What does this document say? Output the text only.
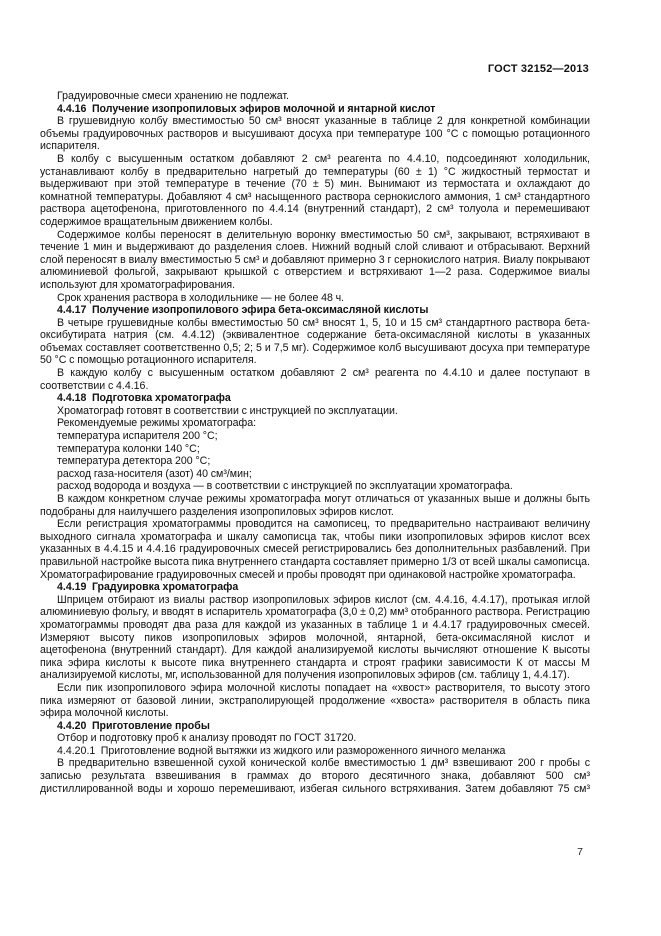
ГОСТ 32152—2013
Градуировочные смеси хранению не подлежат.
4.4.16  Получение изопропиловых эфиров молочной и янтарной кислот
В грушевидную колбу вместимостью 50 см³ вносят указанные в таблице 2 для конкретной комбинации объемы градуировочных растворов и высушивают досуха при температуре 100 °С с помощью ротационного испарителя.
В колбу с высушенным остатком добавляют 2 см³ реагента по 4.4.10, подсоединяют холодильник, устанавливают колбу в предварительно нагретый до температуры (60 ± 1) °С жидкостный термостат и выдерживают при этой температуре в течение (70 ± 5) мин. Вынимают из термостата и охлаждают до комнатной температуры. Добавляют 4 см³ насыщенного раствора сернокислого аммония, 1 см³ стандартного раствора ацетофенона, приготовленного по 4.4.14 (внутренний стандарт), 2 см³ толуола и перемешивают содержимое вращательным движением колбы.
Содержимое колбы переносят в делительную воронку вместимостью 50 см³, закрывают, встряхивают в течение 1 мин и выдерживают до разделения слоев. Нижний водный слой сливают и отбрасывают. Верхний слой переносят в виалу вместимостью 5 см³ и добавляют примерно 3 г сернокислого натрия. Виалу покрывают алюминиевой фольгой, закрывают крышкой с отверстием и встряхивают 1—2 раза. Содержимое виалы используют для хроматографирования.
Срок хранения раствора в холодильнике — не более 48 ч.
4.4.17  Получение изопропилового эфира бета-оксимасляной кислоты
В четыре грушевидные колбы вместимостью 50 см³ вносят 1, 5, 10 и 15 см³ стандартного раствора бета-оксибутирата натрия (см. 4.4.12) (эквивалентное содержание бета-оксимасляной кислоты в указанных объемах составляет соответственно 0,5; 2; 5 и 7,5 мг). Содержимое колб высушивают досуха при температуре 50 °С с помощью ротационного испарителя.
В каждую колбу с высушенным остатком добавляют 2 см³ реагента по 4.4.10 и далее поступают в соответствии с 4.4.16.
4.4.18  Подготовка хроматографа
Хроматограф готовят в соответствии с инструкцией по эксплуатации.
Рекомендуемые режимы хроматографа:
температура испарителя 200 °С;
температура колонки 140 °С;
температура детектора 200 °С;
расход газа-носителя (азот) 40 см³/мин;
расход водорода и воздуха — в соответствии с инструкцией по эксплуатации хроматографа.
В каждом конкретном случае режимы хроматографа могут отличаться от указанных выше и должны быть подобраны для наилучшего разделения изопропиловых эфиров кислот.
Если регистрация хроматограммы проводится на самописец, то предварительно настраивают величину выходного сигнала хроматографа и шкалу самописца так, чтобы пики изопропиловых эфиров кислот всех указанных в 4.4.15 и 4.4.16 градуировочных смесей регистрировались без дополнительных разбавлений. При правильной настройке высота пика внутреннего стандарта составляет примерно 1/3 от всей шкалы самописца. Хроматографирование градуировочных смесей и пробы проводят при одинаковой настройке хроматографа.
4.4.19  Градуировка хроматографа
Шприцем отбирают из виалы раствор изопропиловых эфиров кислот (см. 4.4.16, 4.4.17), протыкая иглой алюминиевую фольгу, и вводят в испаритель хроматографа (3,0 ± 0,2) мм³ отобранного раствора. Регистрацию хроматограммы проводят два раза для каждой из указанных в таблице 1 и 4.4.17 градуировочных смесей. Измеряют высоту пиков изопропиловых эфиров молочной, янтарной, бета-оксимасляной кислот и ацетофенона (внутренний стандарт). Для каждой анализируемой кислоты вычисляют отношение К высоты пика эфира кислоты к высоте пика внутреннего стандарта и строят графики зависимости К от массы М анализируемой кислоты, мг, использованной для получения изопропиловых эфиров (см. таблицу 1, 4.4.17).
Если пик изопропилового эфира молочной кислоты попадает на «хвост» растворителя, то высоту этого пика измеряют от базовой линии, экстраполирующей продолжение «хвоста» растворителя в область пика эфира молочной кислоты.
4.4.20  Приготовление пробы
Отбор и подготовку проб к анализу проводят по ГОСТ 31720.
4.4.20.1  Приготовление водной вытяжки из жидкого или размороженного яичного меланжа
В предварительно взвешенной сухой конической колбе вместимостью 1 дм³ взвешивают 200 г пробы с записью результата взвешивания в граммах до второго десятичного знака, добавляют 500 см³ дистиллированной воды и хорошо перемешивают, избегая сильного встряхивания. Затем добавляют 75 см³
7
